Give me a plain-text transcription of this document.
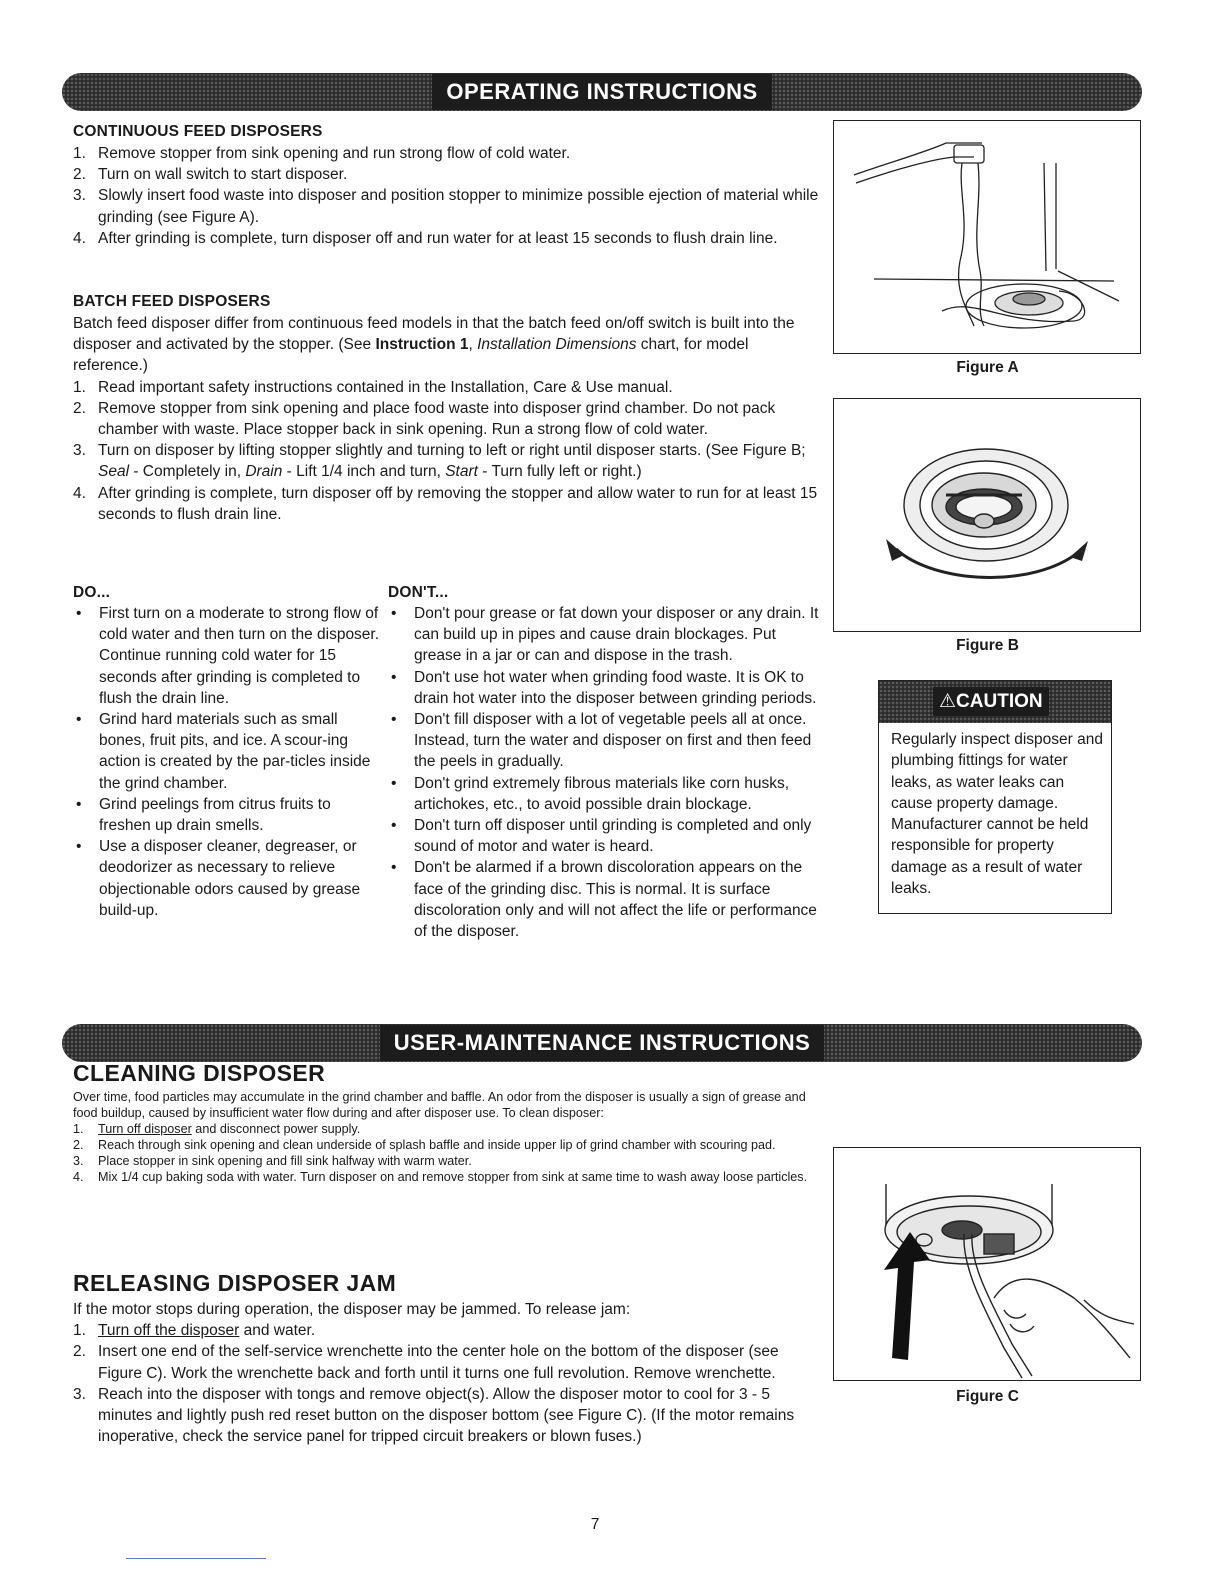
OPERATING INSTRUCTIONS
CONTINUOUS FEED DISPOSERS
1. Remove stopper from sink opening and run strong flow of cold water.
2. Turn on wall switch to start disposer.
3. Slowly insert food waste into disposer and position stopper to minimize possible ejection of material while grinding (see Figure A).
4. After grinding is complete, turn disposer off and run water for at least 15 seconds to flush drain line.
BATCH FEED DISPOSERS
Batch feed disposer differ from continuous feed models in that the batch feed on/off switch is built into the disposer and activated by the stopper. (See Instruction 1, Installation Dimensions chart, for model reference.)
1. Read important safety instructions contained in the Installation, Care & Use manual.
2. Remove stopper from sink opening and place food waste into disposer grind chamber. Do not pack chamber with waste. Place stopper back in sink opening. Run a strong flow of cold water.
3. Turn on disposer by lifting stopper slightly and turning to left or right until disposer starts. (See Figure B; Seal - Completely in, Drain - Lift 1/4 inch and turn, Start - Turn fully left or right.)
4. After grinding is complete, turn disposer off by removing the stopper and allow water to run for at least 15 seconds to flush drain line.
DO...
• First turn on a moderate to strong flow of cold water and then turn on the disposer. Continue running cold water for 15 seconds after grinding is completed to flush the drain line.
• Grind hard materials such as small bones, fruit pits, and ice. A scour-ing action is created by the par-ticles inside the grind chamber.
• Grind peelings from citrus fruits to freshen up drain smells.
• Use a disposer cleaner, degreaser, or deodorizer as necessary to relieve objectionable odors caused by grease build-up.
DON'T...
• Don't pour grease or fat down your disposer or any drain. It can build up in pipes and cause drain blockages. Put grease in a jar or can and dispose in the trash.
• Don't use hot water when grinding food waste. It is OK to drain hot water into the disposer between grinding periods.
• Don't fill disposer with a lot of vegetable peels all at once. Instead, turn the water and disposer on first and then feed the peels in gradually.
• Don't grind extremely fibrous materials like corn husks, artichokes, etc., to avoid possible drain blockage.
• Don't turn off disposer until grinding is completed and only sound of motor and water is heard.
• Don't be alarmed if a brown discoloration appears on the face of the grinding disc. This is normal. It is surface discoloration only and will not affect the life or performance of the disposer.
Figure A
Figure B
⚠CAUTION
Regularly inspect disposer and plumbing fittings for water leaks, as water leaks can cause property damage. Manufacturer cannot be held responsible for property damage as a result of water leaks.
USER-MAINTENANCE INSTRUCTIONS
CLEANING DISPOSER
Over time, food particles may accumulate in the grind chamber and baffle. An odor from the disposer is usually a sign of grease and food buildup, caused by insufficient water flow during and after disposer use. To clean disposer:
1. Turn off disposer and disconnect power supply.
2. Reach through sink opening and clean underside of splash baffle and inside upper lip of grind chamber with scouring pad.
3. Place stopper in sink opening and fill sink halfway with warm water.
4. Mix 1/4 cup baking soda with water. Turn disposer on and remove stopper from sink at same time to wash away loose particles.
RELEASING DISPOSER JAM
If the motor stops during operation, the disposer may be jammed. To release jam:
1. Turn off the disposer and water.
2. Insert one end of the self-service wrenchette into the center hole on the bottom of the disposer (see Figure C). Work the wrenchette back and forth until it turns one full revolution. Remove wrenchette.
3. Reach into the disposer with tongs and remove object(s). Allow the disposer motor to cool for 3 - 5 minutes and lightly push red reset button on the disposer bottom (see Figure C). (If the motor remains inoperative, check the service panel for tripped circuit breakers or blown fuses.)
Figure C
7
